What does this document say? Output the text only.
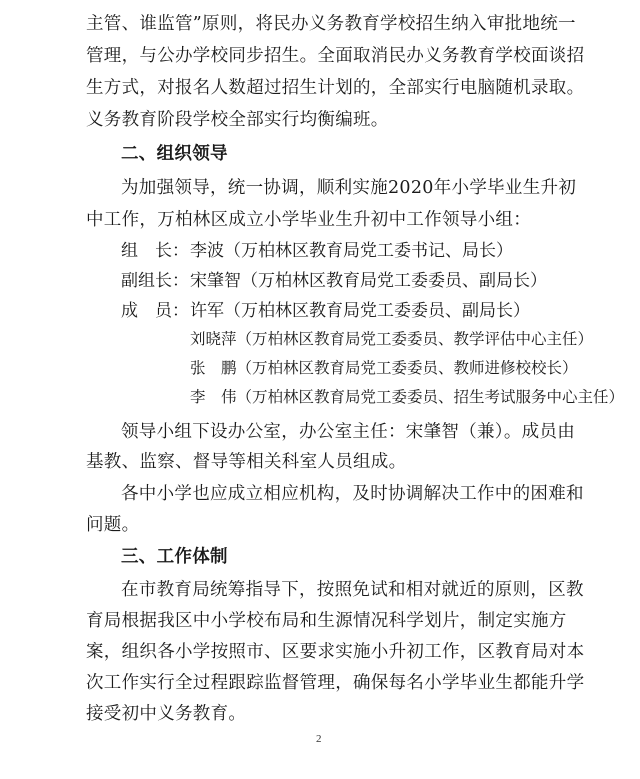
主管、谁监管”原则，将民办义务教育学校招生纳入审批地统一
管理，与公办学校同步招生。全面取消民办义务教育学校面谈招
生方式，对报名人数超过招生计划的，全部实行电脑随机录取。
义务教育阶段学校全部实行均衡编班。
二、组织领导
为加强领导，统一协调，顺利实施2020年小学毕业生升初
中工作，万柏林区成立小学毕业生升初中工作领导小组：
组　长： 李波（万柏林区教育局党工委书记、局长）
副组长： 宋肇智（万柏林区教育局党工委委员、副局长）
成　员： 许军（万柏林区教育局党工委委员、副局长）
刘晓萍（万柏林区教育局党工委委员、教学评估中心主任）
张　鹏（万柏林区教育局党工委委员、教师进修校校长）
李　伟（万柏林区教育局党工委委员、招生考试服务中心主任）
领导小组下设办公室，办公室主任：宋肇智（兼）。成员由
基教、监察、督导等相关科室人员组成。
各中小学也应成立相应机构，及时协调解决工作中的困难和
问题。
三、工作体制
在市教育局统筹指导下，按照免试和相对就近的原则，区教
育局根据我区中小学校布局和生源情况科学划片，制定实施方
案，组织各小学按照市、区要求实施小升初工作，区教育局对本
次工作实行全过程跟踪监督管理，确保每名小学毕业生都能升学
接受初中义务教育。
2
